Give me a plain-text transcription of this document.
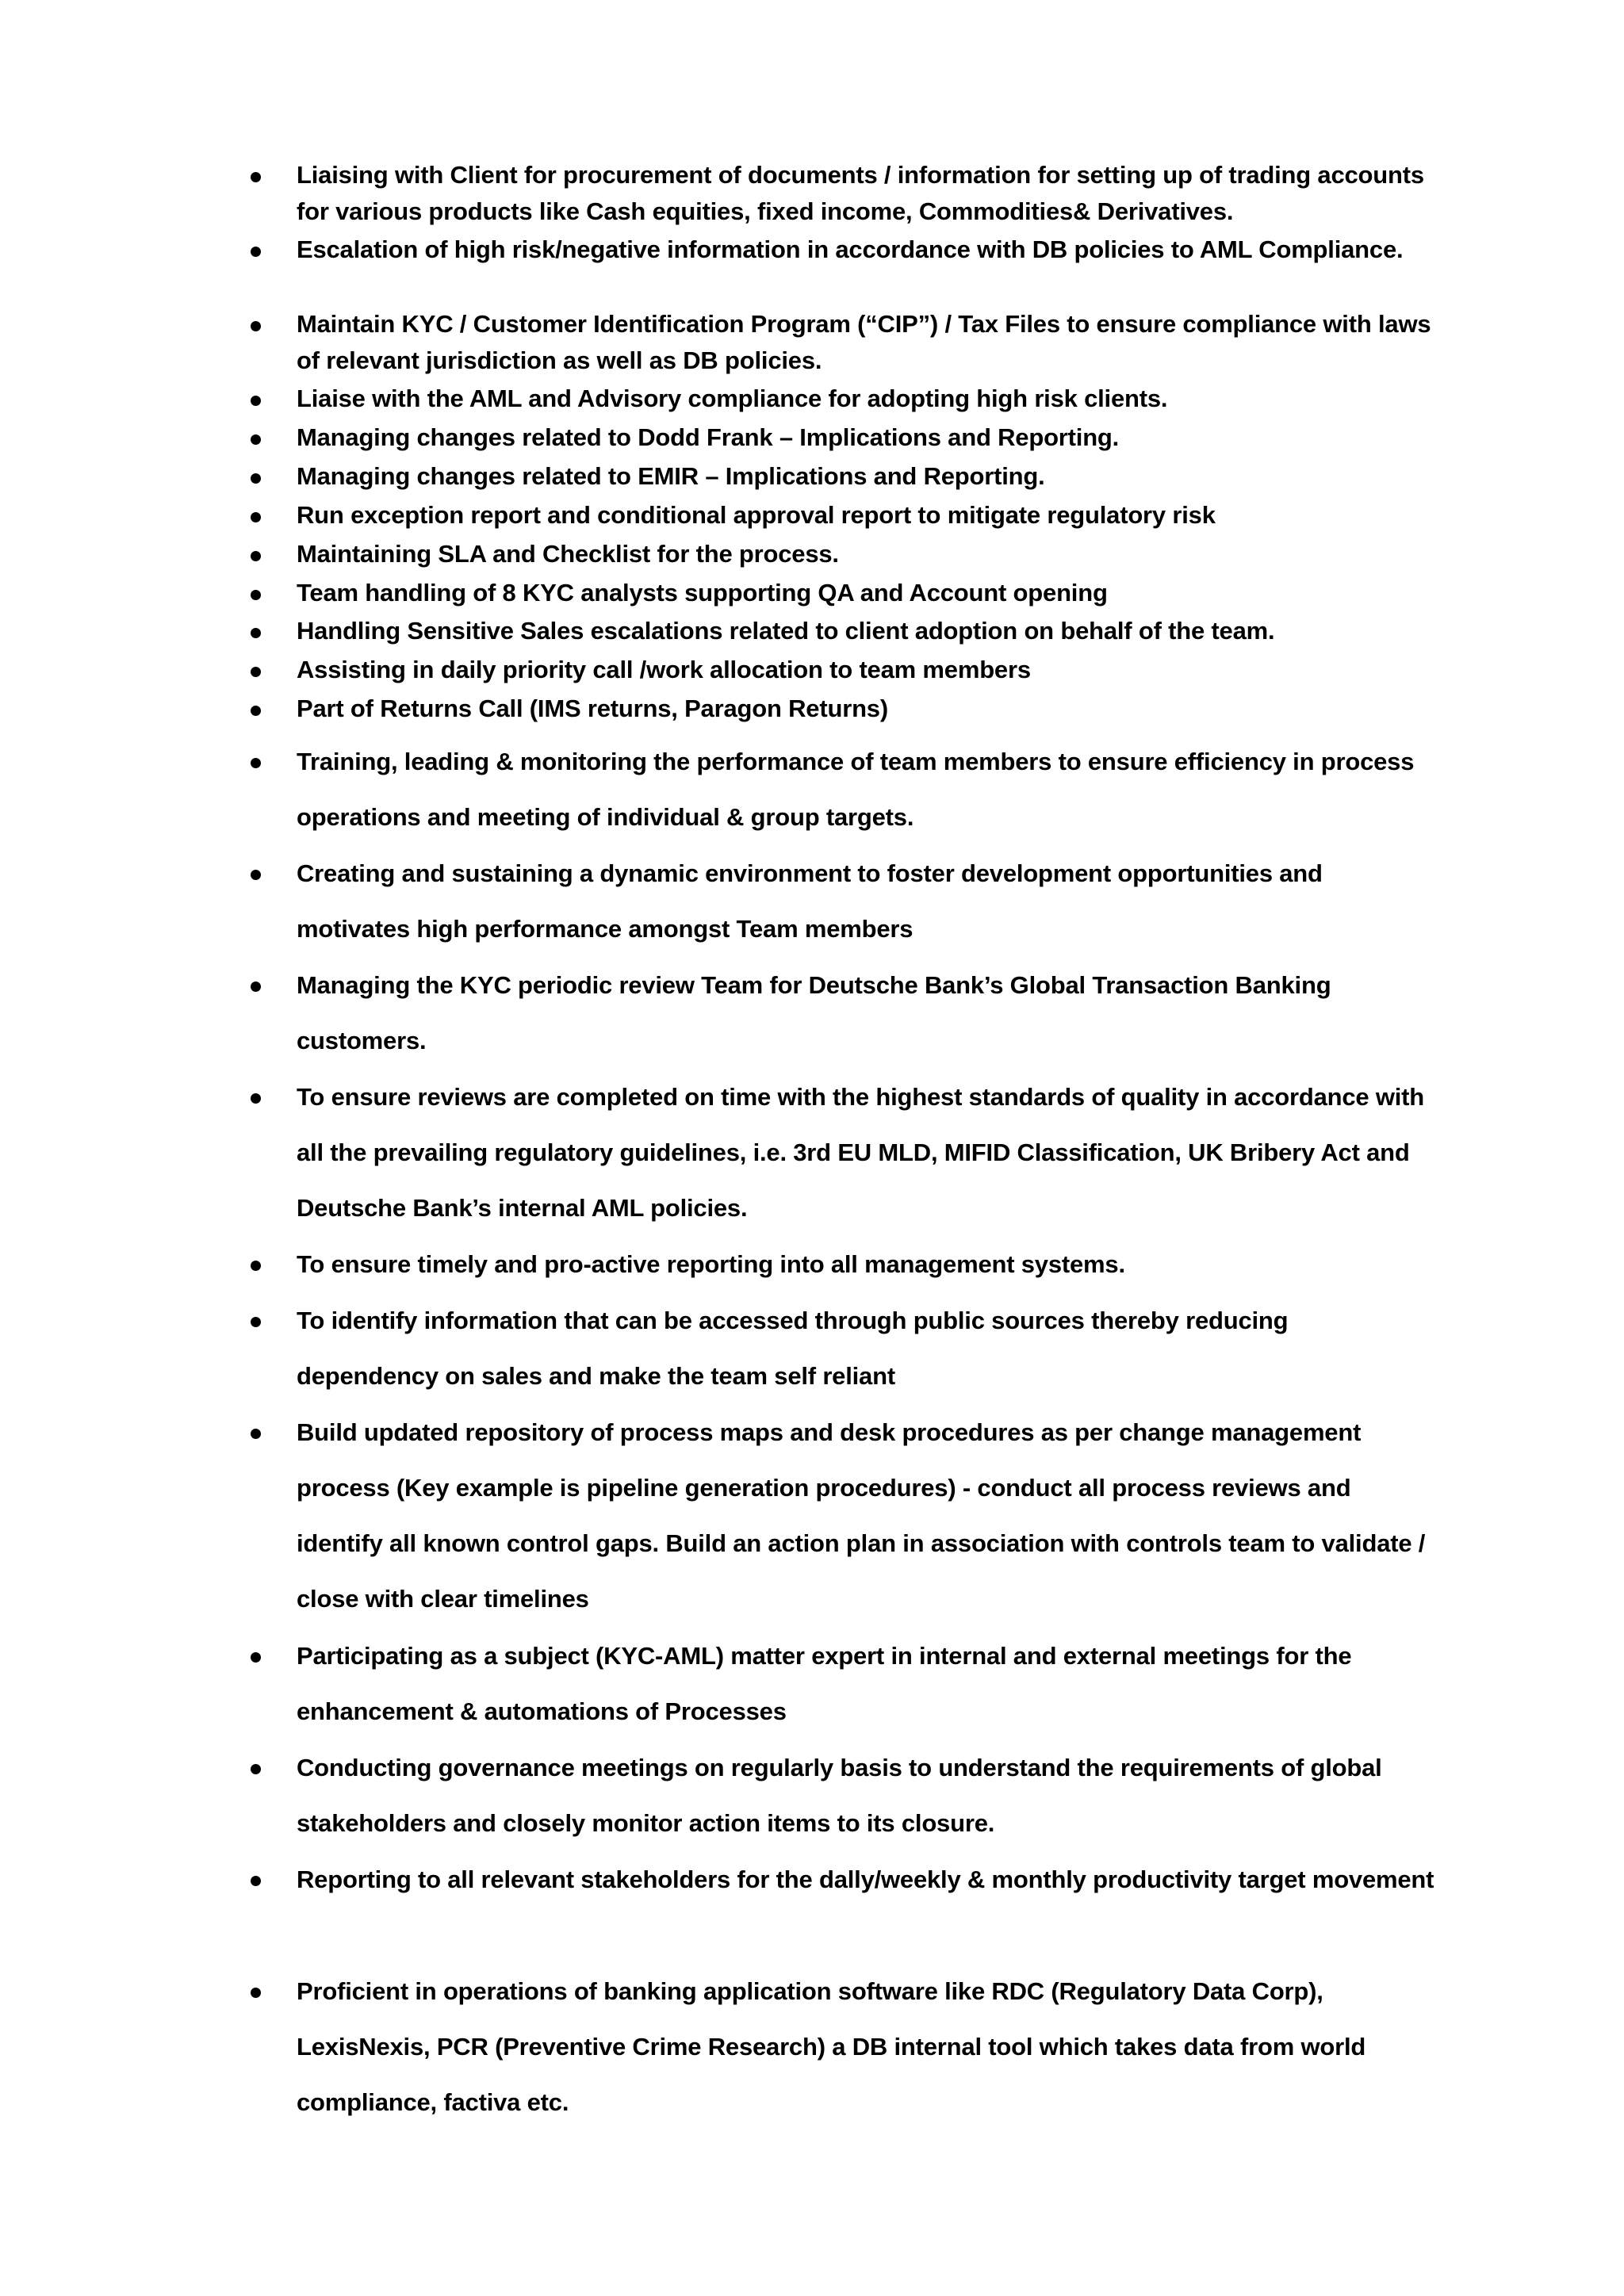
Liaising with Client for procurement of documents / information for setting up of trading accounts for various products like Cash equities, fixed income, Commodities& Derivatives.

Escalation of high risk/negative information in accordance with DB policies to AML Compliance.

Maintain KYC / Customer Identification Program (“CIP”) / Tax Files to ensure compliance with laws of relevant jurisdiction as well as DB policies.

Liaise with the AML and Advisory compliance for adopting high risk clients.

Managing changes related to Dodd Frank – Implications and Reporting.

Managing changes related to EMIR – Implications and Reporting.

Run exception report and conditional approval report to mitigate regulatory risk

Maintaining SLA and Checklist for the process.

Team handling of 8 KYC analysts supporting QA and Account opening

Handling Sensitive Sales escalations related to client adoption on behalf of the team.

Assisting in daily priority call /work allocation to team members

Part of Returns Call (IMS returns, Paragon Returns)

Training, leading & monitoring the performance of team members to ensure efficiency in process operations and meeting of individual & group targets.

Creating and sustaining a dynamic environment to foster development opportunities and motivates high performance amongst Team members

Managing the KYC periodic review Team for Deutsche Bank’s Global Transaction Banking customers.

To ensure reviews are completed on time with the highest standards of quality in accordance with all the prevailing regulatory guidelines, i.e. 3rd EU MLD, MIFID Classification, UK Bribery Act and Deutsche Bank’s internal AML policies.

To ensure timely and pro-active reporting into all management systems.

To identify information that can be accessed through public sources thereby reducing dependency on sales and make the team self reliant

Build updated repository of process maps and desk procedures as per change management process (Key example is pipeline generation procedures) - conduct all process reviews and identify all known control gaps. Build an action plan in association with controls team to validate / close with clear timelines

Participating as a subject (KYC-AML) matter expert in internal and external meetings for the enhancement & automations of Processes

Conducting governance meetings on regularly basis to understand the requirements of global stakeholders and closely monitor action items to its closure.

Reporting to all relevant stakeholders for the dally/weekly & monthly productivity target movement

Proficient in operations of banking application software like RDC (Regulatory Data Corp), LexisNexis, PCR (Preventive Crime Research) a DB internal tool which takes data from world compliance, factiva etc.
